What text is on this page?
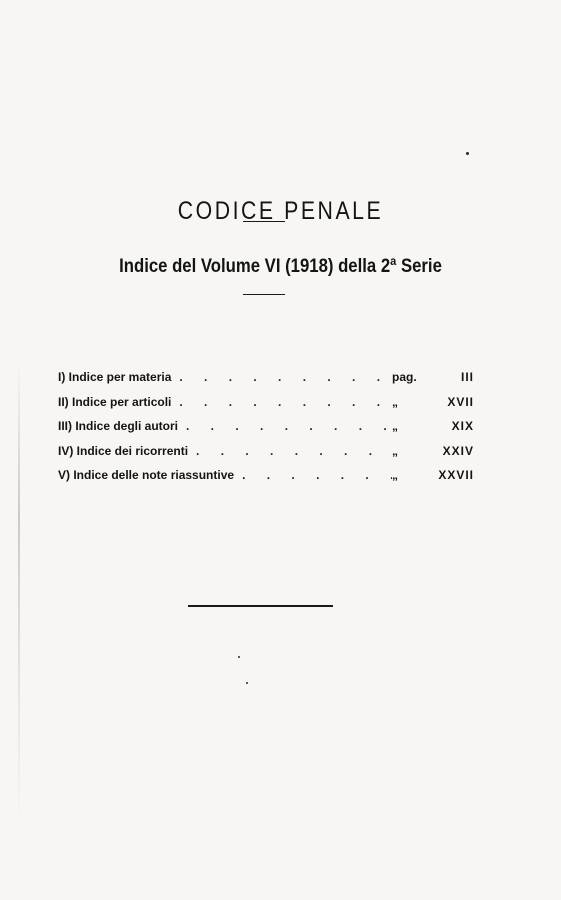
CODICE PENALE
Indice del Volume VI (1918) della 2ª Serie
I) Indice per materia . . .	pag.	III
II) Indice per articoli . . .	„	XVII
III) Indice degli autori . . .	„	XIX
IV) Indice dei ricorrenti . . .	„	XXIV
V) Indice delle note riassuntive . . .	„	XXVII
